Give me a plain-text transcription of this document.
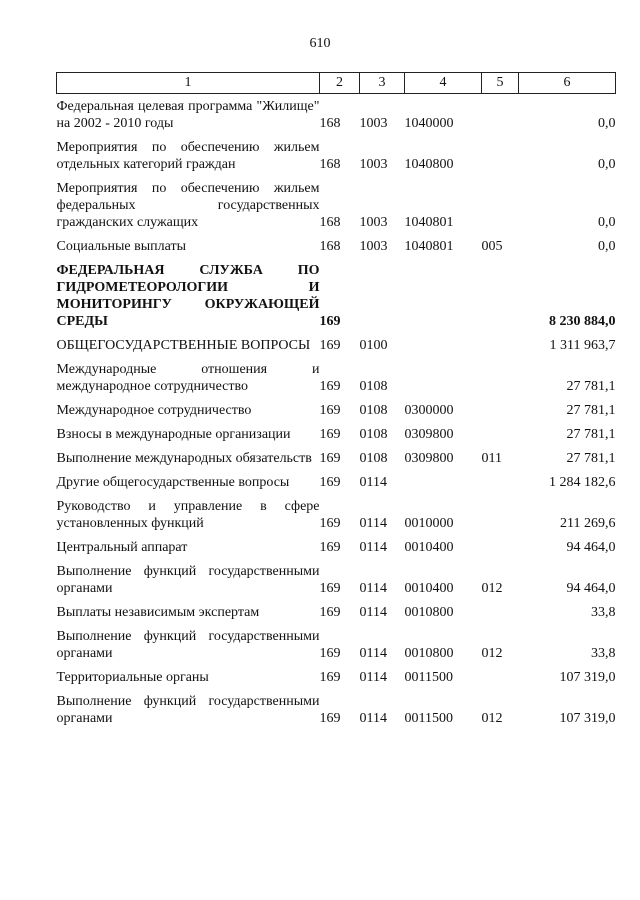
610
1	2	3	4	5	6
Федеральная целевая программа "Жилище" на 2002 - 2010 годы	168	1003	1040000		0,0
Мероприятия по обеспечению жильем отдельных категорий граждан	168	1003	1040800		0,0
Мероприятия по обеспечению жильем федеральных государственных гражданских служащих	168	1003	1040801		0,0
Социальные выплаты	168	1003	1040801	005	0,0
ФЕДЕРАЛЬНАЯ СЛУЖБА ПО ГИДРОМЕТЕОРОЛОГИИ И МОНИТОРИНГУ ОКРУЖАЮЩЕЙ СРЕДЫ	169				8 230 884,0
ОБЩЕГОСУДАРСТВЕННЫЕ ВОПРОСЫ	169	0100			1 311 963,7
Международные отношения и международное сотрудничество	169	0108			27 781,1
Международное сотрудничество	169	0108	0300000		27 781,1
Взносы в международные организации	169	0108	0309800		27 781,1
Выполнение международных обязательств	169	0108	0309800	011	27 781,1
Другие общегосударственные вопросы	169	0114			1 284 182,6
Руководство и управление в сфере установленных функций	169	0114	0010000		211 269,6
Центральный аппарат	169	0114	0010400		94 464,0
Выполнение функций государственными органами	169	0114	0010400	012	94 464,0
Выплаты независимым экспертам	169	0114	0010800		33,8
Выполнение функций государственными органами	169	0114	0010800	012	33,8
Территориальные органы	169	0114	0011500		107 319,0
Выполнение функций государственными органами	169	0114	0011500	012	107 319,0
